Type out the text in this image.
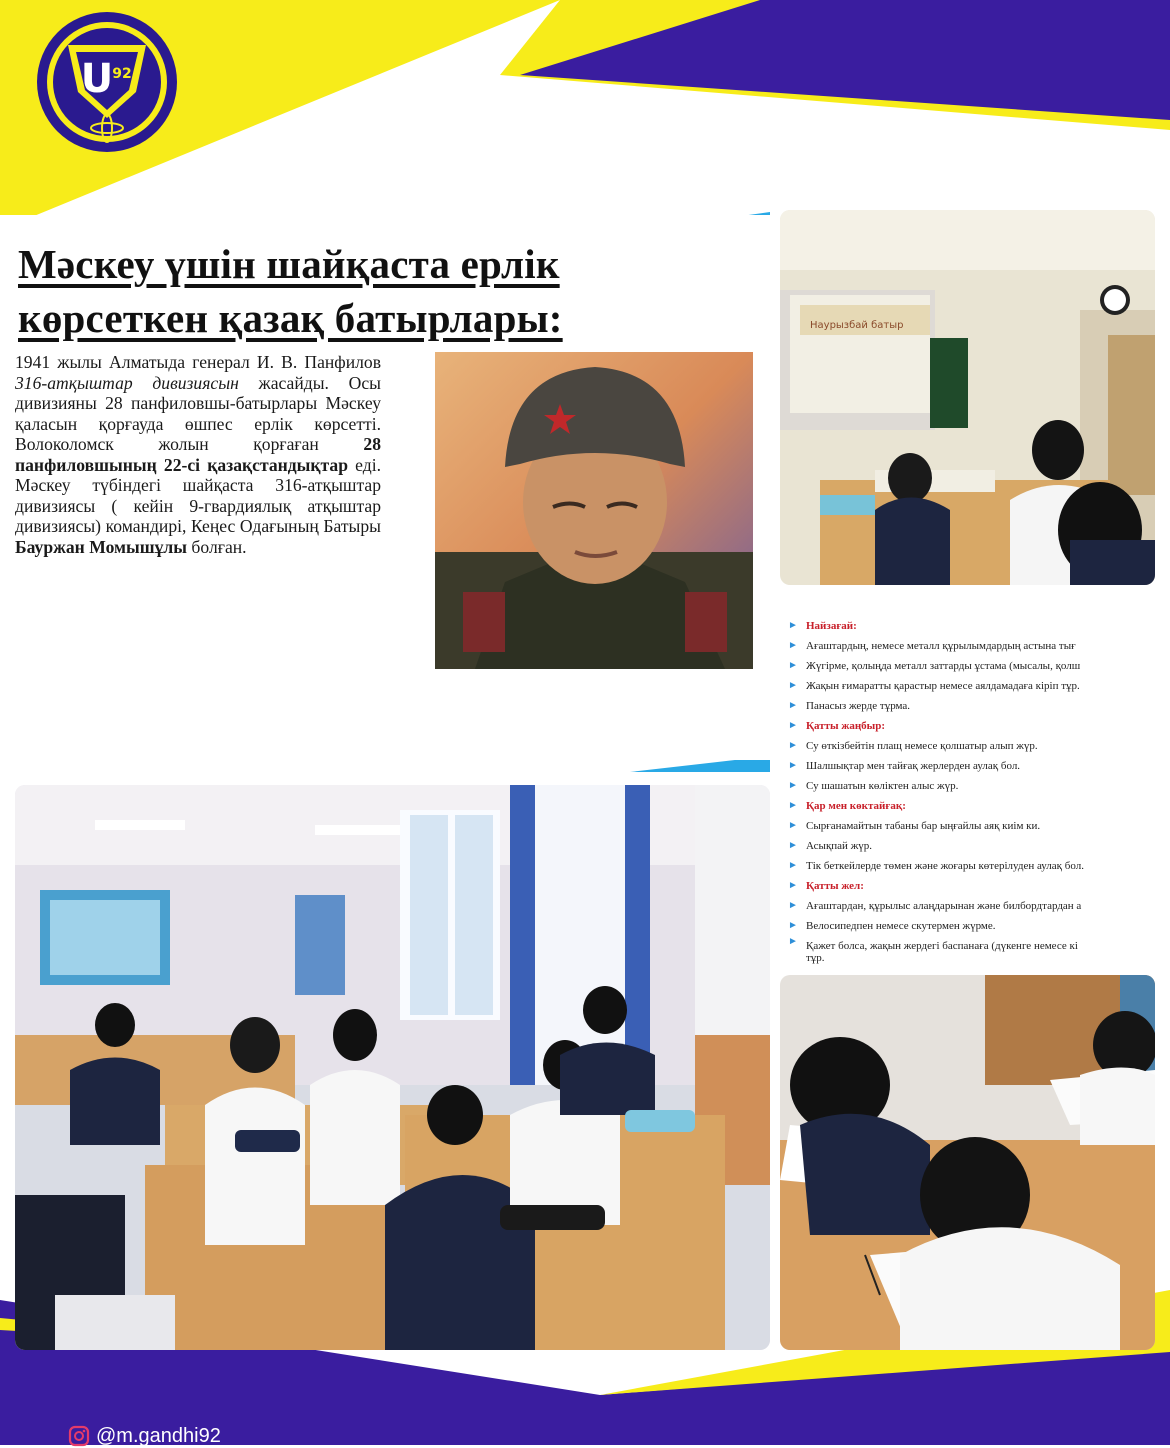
U 92
Мәскеу үшін шайқаста ерлік
көрсеткен қазақ батырлары:
1941 жылы Алматыда генерал И. В. Панфилов 316-атқыштар дивизиясын жасайды. Осы дивизияны 28 панфиловшы-батырлары Мәскеу қаласын қорғауда өшпес ерлік көрсетті. Волоколомск жолын қорғаған 28 панфиловшының 22-сі қазақстандықтар еді. Мәскеу түбіндегі шайқаста 316-атқыштар дивизиясы ( кейін 9-гвардиялық атқыштар дивизиясы) командирі, Кеңес Одағының Батыры Бауржан Момышұлы болған.
Наурызбай батыр
► Найзағай:
► Ағаштардың, немесе металл құрылымдардың астына тығ
► Жүгірме, қолыңда металл заттарды ұстама (мысалы, қолш
► Жақын ғимаратты қарастыр немесе аялдамадаға кіріп тұр.
► Панасыз жерде тұрма.
► Қатты жаңбыр:
► Су өткізбейтін плащ немесе қолшатыр алып жүр.
► Шалшықтар мен тайғақ жерлерден аулақ бол.
► Су шашатын көліктен алыс жүр.
► Қар мен көктайғақ:
► Сырғанамайтын табаны бар ыңғайлы аяқ киім ки.
► Асықпай жүр.
► Тік беткейлерде төмен және жоғары көтерілуден аулақ бол.
► Қатты жел:
► Ағаштардан, құрылыс алаңдарынан және билбордтардан а
► Велосипедпен немесе скутермен жүрме.
► Қажет болса, жақын жердегі баспанаға (дүкенге немесе кі
тұр.
@m.gandhi92
